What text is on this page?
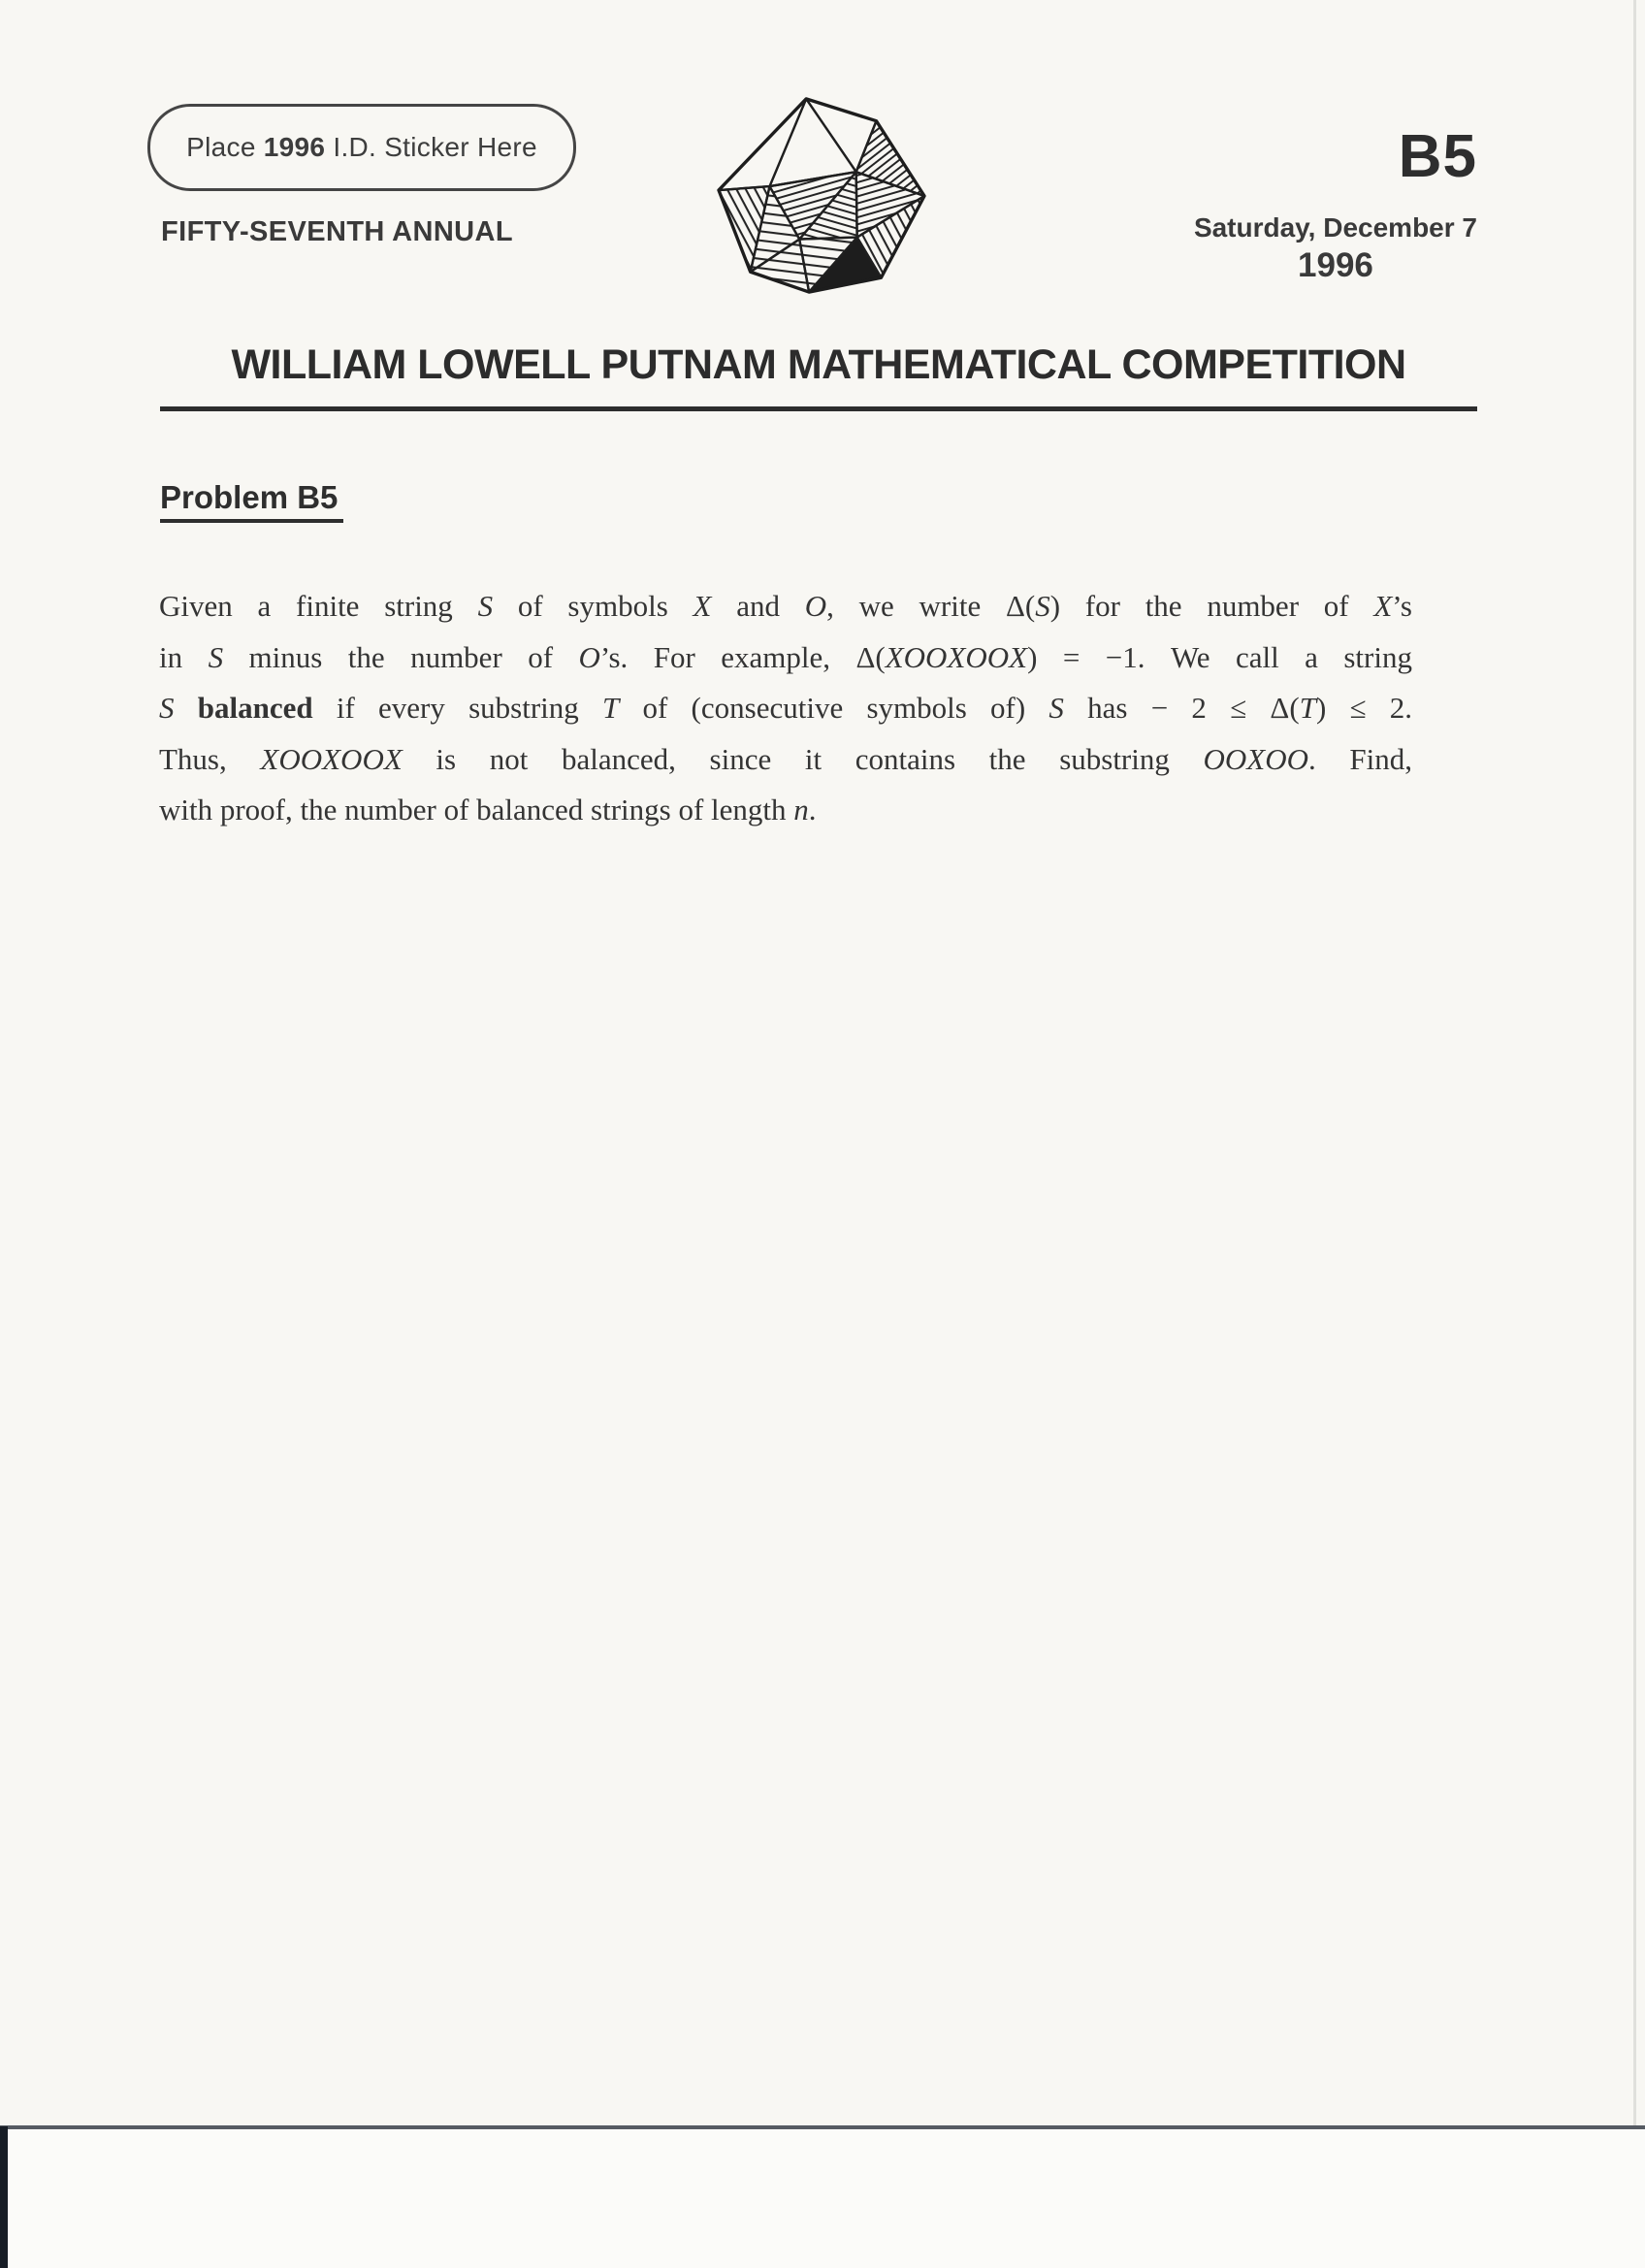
Place 1996 I.D. Sticker Here
FIFTY-SEVENTH ANNUAL
B5
Saturday, December 7
1996
WILLIAM LOWELL PUTNAM MATHEMATICAL COMPETITION
Problem B5
Given a finite string S of symbols X and O, we write Δ(S) for the number of X’s
in S minus the number of O’s. For example, Δ(XOOXOOX) = −1. We call a string
S balanced if every substring T of (consecutive symbols of) S has − 2 ≤ Δ(T) ≤ 2.
Thus, XOOXOOX is not balanced, since it contains the substring OOXOO. Find,
with proof, the number of balanced strings of length n.
